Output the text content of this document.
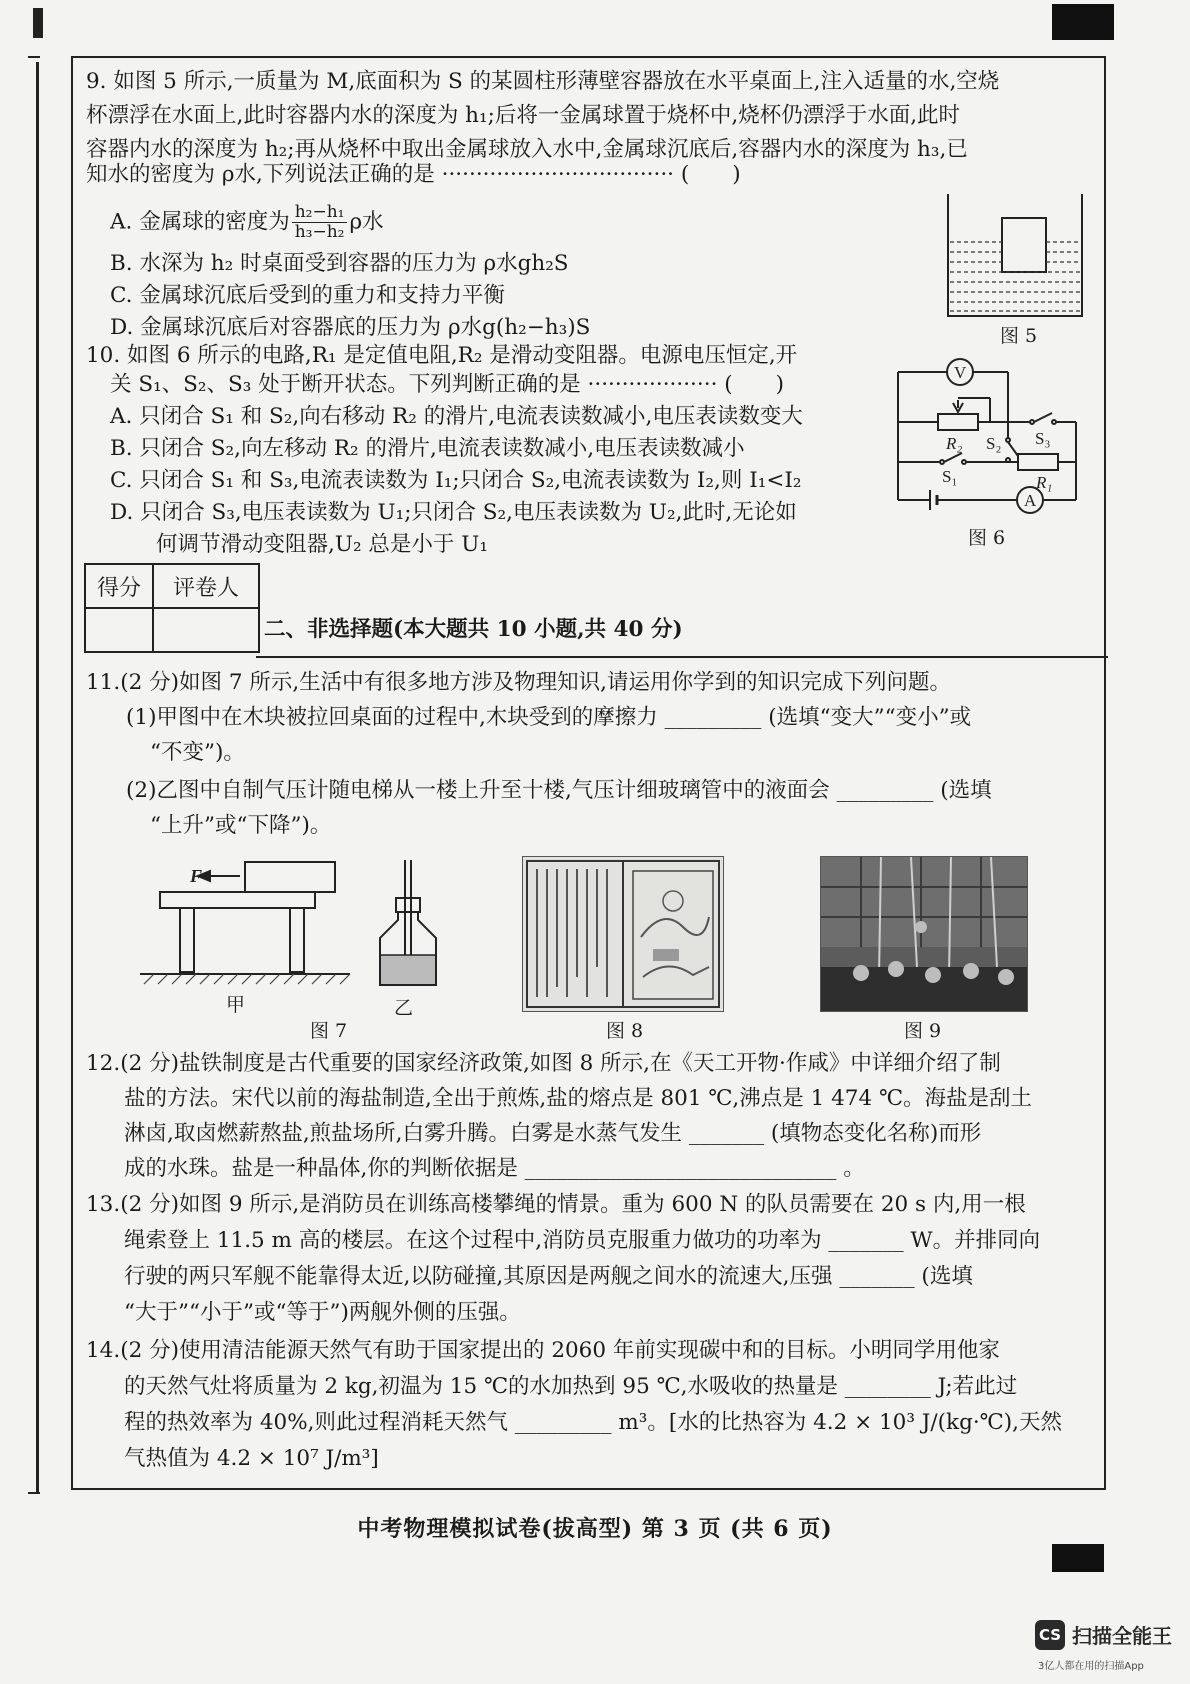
9. 如图 5 所示,一质量为 M,底面积为 S 的某圆柱形薄壁容器放在水平桌面上,注入适量的水,空烧
杯漂浮在水面上,此时容器内水的深度为 h₁;后将一金属球置于烧杯中,烧杯仍漂浮于水面,此时
容器内水的深度为 h₂;再从烧杯中取出金属球放入水中,金属球沉底后,容器内水的深度为 h₃,已
知水的密度为 ρ水,下列说法正确的是 ·································· (　　)
A. 金属球的密度为 $\frac{\text{h₂−h₁}}{\text{h₃−h₂}}$ ρ水
B. 水深为 h₂ 时桌面受到容器的压力为 ρ水gh₂S
C. 金属球沉底后受到的重力和支持力平衡
D. 金属球沉底后对容器底的压力为 ρ水g(h₂−h₃)S	图 5
10. 如图 6 所示的电路,R₁ 是定值电阻,R₂ 是滑动变阻器。电源电压恒定,开
关 S₁、S₂、S₃ 处于断开状态。下列判断正确的是 ··················· (　　)
A. 只闭合 S₁ 和 S₂,向右移动 R₂ 的滑片,电流表读数减小,电压表读数变大
B. 只闭合 S₂,向左移动 R₂ 的滑片,电流表读数减小,电压表读数减小
C. 只闭合 S₁ 和 S₃,电流表读数为 I₁;只闭合 S₂,电流表读数为 I₂,则 I₁<I₂
D. 只闭合 S₃,电压表读数为 U₁;只闭合 S₂,电压表读数为 U₂,此时,无论如
何调节滑动变阻器,U₂ 总是小于 U₁
V
A
R₂ S₂ S₃
S₁	R₁
图 6
得分	评卷人

二、非选择题(本大题共 10 小题,共 40 分)
11.(2 分)如图 7 所示,生活中有很多地方涉及物理知识,请运用你学到的知识完成下列问题。
(1)甲图中在木块被拉回桌面的过程中,木块受到的摩擦力 _________ (选填“变大”“变小”或
“不变”)。
(2)乙图中自制气压计随电梯从一楼上升至十楼,气压计细玻璃管中的液面会 _________ (选填
“上升”或“下降”)。
F
甲	乙
图 7	图 8	图 9
12.(2 分)盐铁制度是古代重要的国家经济政策,如图 8 所示,在《天工开物·作咸》中详细介绍了制
盐的方法。宋代以前的海盐制造,全出于煎炼,盐的熔点是 801 ℃,沸点是 1 474 ℃。海盐是刮土
淋卤,取卤燃薪熬盐,煎盐场所,白雾升腾。白雾是水蒸气发生 _______ (填物态变化名称)而形
成的水珠。盐是一种晶体,你的判断依据是 _____________________________ 。
13.(2 分)如图 9 所示,是消防员在训练高楼攀绳的情景。重为 600 N 的队员需要在 20 s 内,用一根
绳索登上 11.5 m 高的楼层。在这个过程中,消防员克服重力做功的功率为 _______ W。并排同向
行驶的两只军舰不能靠得太近,以防碰撞,其原因是两舰之间水的流速大,压强 _______ (选填
“大于”“小于”或“等于”)两舰外侧的压强。
14.(2 分)使用清洁能源天然气有助于国家提出的 2060 年前实现碳中和的目标。小明同学用他家
的天然气灶将质量为 2 kg,初温为 15 ℃的水加热到 95 ℃,水吸收的热量是 ________ J;若此过
程的热效率为 40%,则此过程消耗天然气 _________ m³。[水的比热容为 4.2 × 10³ J/(kg·℃),天然
气热值为 4.2 × 10⁷ J/m³]
中考物理模拟试卷(拔高型) 第 3 页 (共 6 页)
CS 扫描全能王
3亿人都在用的扫描App
